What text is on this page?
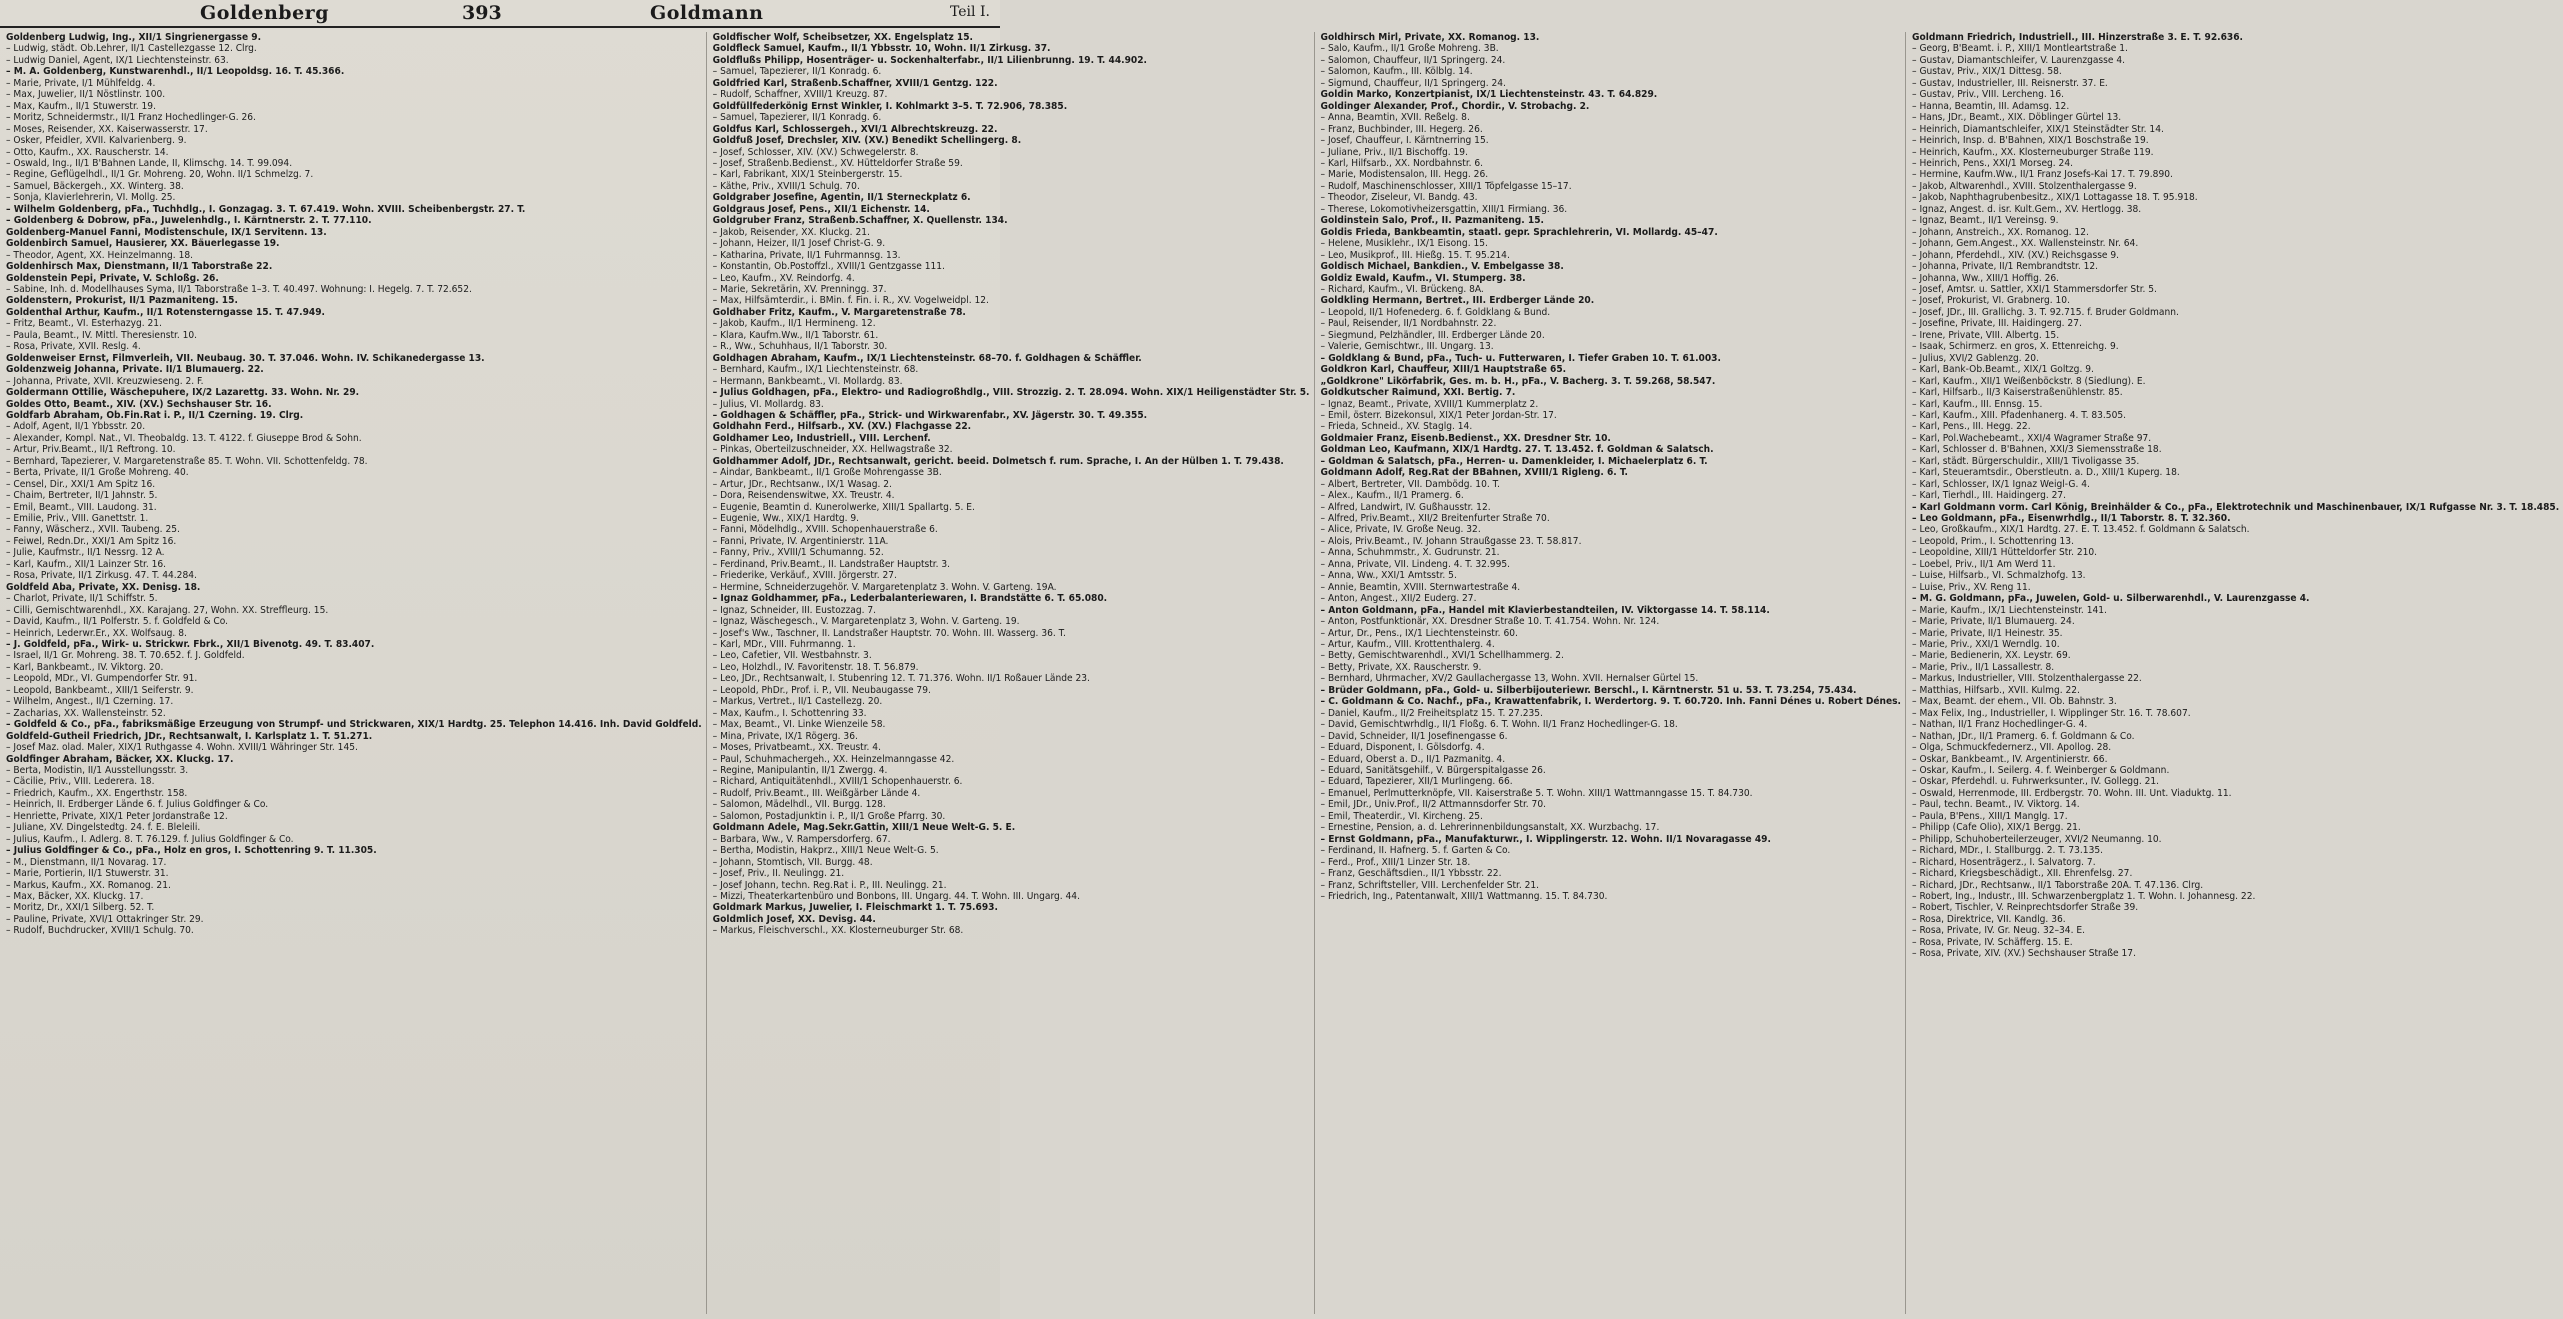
Goldenberg	393	Goldmann	Teil I.
Goldenberg Ludwig, Ing., XII/1 Singrienergasse 9.
– Ludwig, städt. Ob.Lehrer, II/1 Castellezgasse 12. Clrg.
– Ludwig Daniel, Agent, IX/1 Liechtensteinstr. 63.
– M. A. Goldenberg, Kunstwarenhdl., II/1 Leopoldsg. 16. T. 45.366.
– Marie, Private, I/1 Mühlfeldg. 4.
– Max, Juwelier, II/1 Nöstlinstr. 100.
– Max, Kaufm., II/1 Stuwerstr. 19.
– Moritz, Schneidermstr., II/1 Franz Hochedlinger-G. 26.
– Moses, Reisender, XX. Kaiserwasserstr. 17.
– Osker, Pfeidler, XVII. Kalvarienberg. 9.
– Otto, Kaufm., XX. Rauscherstr. 14.
– Oswald, Ing., II/1 B'Bahnen Lande, II, Klimschg. 14. T. 99.094.
– Regine, Geflügelhdl., II/1 Gr. Mohreng. 20, Wohn. II/1 Schmelzg. 7.
– Samuel, Bäckergeh., XX. Winterg. 38.
– Sonja, Klavierlehrerin, VI. Mollg. 25.
– Wilhelm Goldenberg, pFa., Tuchhdlg., I. Gonzagag. 3. T. 67.419. Wohn. XVIII. Scheibenbergstr. 27. T.
– Goldenberg & Dobrow, pFa., Juwelenhdlg., I. Kärntnerstr. 2. T. 77.110.
Goldenberg-Manuel Fanni, Modistenschule, IX/1 Servitenn. 13.
Goldenbirch Samuel, Hausierer, XX. Bäuerlegasse 19.
– Theodor, Agent, XX. Heinzelmanng. 18.
Goldenhirsch Max, Dienstmann, II/1 Taborstraße 22.
Goldenstein Pepi, Private, V. Schloßg. 26.
– Sabine, Inh. d. Modellhauses Syma, II/1 Taborstraße 1–3. T. 40.497. Wohnung: I. Hegelg. 7. T. 72.652.
Goldenstern, Prokurist, II/1 Pazmaniteng. 15.
Goldenthal Arthur, Kaufm., II/1 Rotensterngasse 15. T. 47.949.
– Fritz, Beamt., VI. Esterhazyg. 21.
– Paula, Beamt., IV. Mittl. Theresienstr. 10.
– Rosa, Private, XVII. Reslg. 4.
Goldenweiser Ernst, Filmverleih, VII. Neubaug. 30. T. 37.046. Wohn. IV. Schikanedergasse 13.
Goldenzweig Johanna, Private. II/1 Blumauerg. 22.
– Johanna, Private, XVII. Kreuzwieseng. 2. F.
Goldermann Ottilie, Wäschepuhere, IX/2 Lazarettg. 33. Wohn. Nr. 29.
Goldes Otto, Beamt., XIV. (XV.) Sechshauser Str. 16.
Goldfarb Abraham, Ob.Fin.Rat i. P., II/1 Czerning. 19. Clrg.
– Adolf, Agent, II/1 Ybbsstr. 20.
– Alexander, Kompl. Nat., VI. Theobaldg. 13. T. 4122. f. Giuseppe Brod & Sohn.
– Artur, Priv.Beamt., II/1 Reftrong. 10.
– Bernhard, Tapezierer, V. Margaretenstraße 85. T. Wohn. VII. Schottenfeldg. 78.
– Berta, Private, II/1 Große Mohreng. 40.
– Censel, Dir., XXI/1 Am Spitz 16.
– Chaim, Bertreter, II/1 Jahnstr. 5.
– Emil, Beamt., VIII. Laudong. 31.
– Emilie, Priv., VIII. Ganettstr. 1.
– Fanny, Wäscherz., XVII. Taubeng. 25.
– Feiwel, Redn.Dr., XXI/1 Am Spitz 16.
– Julie, Kaufmstr., II/1 Nessrg. 12 A.
– Karl, Kaufm., XII/1 Lainzer Str. 16.
– Rosa, Private, II/1 Zirkusg. 47. T. 44.284.
Goldfeld Aba, Private, XX. Denisg. 18.
– Charlot, Private, II/1 Schiffstr. 5.
– Cilli, Gemischtwarenhdl., XX. Karajang. 27, Wohn. XX. Streffleurg. 15.
– David, Kaufm., II/1 Polferstr. 5. f. Goldfeld & Co.
– Heinrich, Lederwr.Er., XX. Wolfsaug. 8.
– J. Goldfeld, pFa., Wirk- u. Strickwr. Fbrk., XII/1 Bivenotg. 49. T. 83.407.
– Israel, II/1 Gr. Mohreng. 38. T. 70.652. f. J. Goldfeld.
– Karl, Bankbeamt., IV. Viktorg. 20.
– Leopold, MDr., VI. Gumpendorfer Str. 91.
– Leopold, Bankbeamt., XIII/1 Seiferstr. 9.
– Wilhelm, Angest., II/1 Czerning. 17.
– Zacharias, XX. Wallensteinstr. 52.
– Goldfeld & Co., pFa., fabriksmäßige Erzeugung von Strumpf- und Strickwaren, XIX/1 Hardtg. 25. Telephon 14.416. Inh. David Goldfeld.
Goldfeld-Gutheil Friedrich, JDr., Rechtsanwalt, I. Karlsplatz 1. T. 51.271.
– Josef Maz. olad. Maler, XIX/1 Ruthgasse 4. Wohn. XVIII/1 Währinger Str. 145.
Goldfinger Abraham, Bäcker, XX. Kluckg. 17.
– Berta, Modistin, II/1 Ausstellungsstr. 3.
– Cäcilie, Priv., VIII. Lederera. 18.
– Friedrich, Kaufm., XX. Engerthstr. 158.
– Heinrich, II. Erdberger Lände 6. f. Julius Goldfinger & Co.
– Henriette, Private, XIX/1 Peter Jordanstraße 12.
– Juliane, XV. Dingelstedtg. 24. f. E. Bleleili.
– Julius, Kaufm., I. Adlerg. 8. T. 76.129. f. Julius Goldfinger & Co.
– Julius Goldfinger & Co., pFa., Holz en gros, I. Schottenring 9. T. 11.305.
– M., Dienstmann, II/1 Novarag. 17.
– Marie, Portierin, II/1 Stuwerstr. 31.
– Markus, Kaufm., XX. Romanog. 21.
– Max, Bäcker, XX. Kluckg. 17.
– Moritz, Dr., XXI/1 Silberg. 52. T.
– Pauline, Private, XVI/1 Ottakringer Str. 29.
– Rudolf, Buchdrucker, XVIII/1 Schulg. 70.
Goldfischer Wolf, Scheibsetzer, XX. Engelsplatz 15.
Goldfleck Samuel, Kaufm., II/1 Ybbsstr. 10, Wohn. II/1 Zirkusg. 37.
Goldflußs Philipp, Hosenträger- u. Sockenhalterfabr., II/1 Lilienbrunng. 19. T. 44.902.
– Samuel, Tapezierer, II/1 Konradg. 6.
Goldfried Karl, Straßenb.Schaffner, XVIII/1 Gentzg. 122.
– Rudolf, Schaffner, XVIII/1 Kreuzg. 87.
Goldfüllfederkönig Ernst Winkler, I. Kohlmarkt 3–5. T. 72.906, 78.385.
– Samuel, Tapezierer, II/1 Konradg. 6.
Goldfus Karl, Schlossergeh., XVI/1 Albrechtskreuzg. 22.
Goldfuß Josef, Drechsler, XIV. (XV.) Benedikt Schellingerg. 8.
– Josef, Schlosser, XIV. (XV.) Schwegelerstr. 8.
– Josef, Straßenb.Bedienst., XV. Hütteldorfer Straße 59.
– Karl, Fabrikant, XIX/1 Steinbergerstr. 15.
– Käthe, Priv., XVIII/1 Schulg. 70.
Goldgraber Josefine, Agentin, II/1 Sterneckplatz 6.
Goldgraus Josef, Pens., XII/1 Eichenstr. 14.
Goldgruber Franz, Straßenb.Schaffner, X. Quellenstr. 134.
– Jakob, Reisender, XX. Kluckg. 21.
– Johann, Heizer, II/1 Josef Christ-G. 9.
– Katharina, Private, II/1 Fuhrmannsg. 13.
– Konstantin, Ob.Postoffzl., XVIII/1 Gentzgasse 111.
– Leo, Kaufm., XV. Reindorfg. 4.
– Marie, Sekretärin, XV. Prenningg. 37.
– Max, Hilfsämterdir., i. BMin. f. Fin. i. R., XV. Vogelweidpl. 12.
Goldhaber Fritz, Kaufm., V. Margaretenstraße 78.
– Jakob, Kaufm., II/1 Hermineng. 12.
– Klara, Kaufm.Ww., II/1 Taborstr. 61.
– R., Ww., Schuhhaus, II/1 Taborstr. 30.
Goldhagen Abraham, Kaufm., IX/1 Liechtensteinstr. 68–70. f. Goldhagen & Schäffler.
– Bernhard, Kaufm., IX/1 Liechtensteinstr. 68.
– Hermann, Bankbeamt., VI. Mollardg. 83.
– Julius Goldhagen, pFa., Elektro- und Radiogroßhdlg., VIII. Strozzig. 2. T. 28.094. Wohn. XIX/1 Heiligenstädter Str. 5.
– Julius, VI. Mollardg. 83.
– Goldhagen & Schäffler, pFa., Strick- und Wirkwarenfabr., XV. Jägerstr. 30. T. 49.355.
Goldhahn Ferd., Hilfsarb., XV. (XV.) Flachgasse 22.
Goldhamer Leo, Industriell., VIII. Lerchenf.
– Pinkas, Oberteilzuschneider, XX. Hellwagstraße 32.
Goldhammer Adolf, JDr., Rechtsanwalt, gericht. beeid. Dolmetsch f. rum. Sprache, I. An der Hülben 1. T. 79.438.
– Aindar, Bankbeamt., II/1 Große Mohrengasse 3B.
– Artur, JDr., Rechtsanw., IX/1 Wasag. 2.
– Dora, Reisendenswitwe, XX. Treustr. 4.
– Eugenie, Beamtin d. Kunerolwerke, XIII/1 Spallartg. 5. E.
– Eugenie, Ww., XIX/1 Hardtg. 9.
– Fanni, Mödelhdlg., XVIII. Schopenhauerstraße 6.
– Fanni, Private, IV. Argentinierstr. 11A.
– Fanny, Priv., XVIII/1 Schumanng. 52.
– Ferdinand, Priv.Beamt., II. Landstraßer Hauptstr. 3.
– Friederike, Verkäuf., XVIII. Jörgerstr. 27.
– Hermine, Schneiderzugehör. V. Margaretenplatz 3. Wohn. V. Garteng. 19A.
– Ignaz Goldhammer, pFa., Lederbalanteriewaren, I. Brandstätte 6. T. 65.080.
– Ignaz, Schneider, III. Eustozzag. 7.
– Ignaz, Wäschegesch., V. Margaretenplatz 3, Wohn. V. Garteng. 19.
– Josef's Ww., Taschner, II. Landstraßer Hauptstr. 70. Wohn. III. Wasserg. 36. T.
– Karl, MDr., VIII. Fuhrmanng. 1.
– Leo, Cafetier, VII. Westbahnstr. 3.
– Leo, Holzhdl., IV. Favoritenstr. 18. T. 56.879.
– Leo, JDr., Rechtsanwalt, I. Stubenring 12. T. 71.376. Wohn. II/1 Roßauer Lände 23.
– Leopold, PhDr., Prof. i. P., VII. Neubaugasse 79.
– Markus, Vertret., II/1 Castellezg. 20.
– Max, Kaufm., I. Schottenring 33.
– Max, Beamt., VI. Linke Wienzeile 58.
– Mina, Private, IX/1 Rögerg. 36.
– Moses, Privatbeamt., XX. Treustr. 4.
– Paul, Schuhmachergeh., XX. Heinzelmanngasse 42.
– Regine, Manipulantin, II/1 Zwergg. 4.
– Richard, Antiquitätenhdl., XVIII/1 Schopenhauerstr. 6.
– Rudolf, Priv.Beamt., III. Weißgärber Lände 4.
– Salomon, Mädelhdl., VII. Burgg. 128.
– Salomon, Postadjunktin i. P., II/1 Große Pfarrg. 30.
Goldmann Adele, Mag.Sekr.Gattin, XIII/1 Neue Welt-G. 5. E.
– Barbara, Ww., V. Rampersdorferg. 67.
– Bertha, Modistin, Hakprz., XIII/1 Neue Welt-G. 5.
– Johann, Stomtisch, VII. Burgg. 48.
– Josef, Priv., II. Neulingg. 21.
– Josef Johann, techn. Reg.Rat i. P., III. Neulingg. 21.
– Mizzi, Theaterkartenbüro und Bonbons, III. Ungarg. 44. T. Wohn. III. Ungarg. 44.
Goldmark Markus, Juwelier, I. Fleischmarkt 1. T. 75.693.
Goldmlich Josef, XX. Devisg. 44.
– Markus, Fleischverschl., XX. Klosterneuburger Str. 68.
Goldhirsch Mirl, Private, XX. Romanog. 13.
– Salo, Kaufm., II/1 Große Mohreng. 3B.
– Salomon, Chauffeur, II/1 Springerg. 24.
– Salomon, Kaufm., III. Kölblg. 14.
– Sigmund, Chauffeur, II/1 Springerg. 24.
Goldin Marko, Konzertpianist, IX/1 Liechtensteinstr. 43. T. 64.829.
Goldinger Alexander, Prof., Chordir., V. Strobachg. 2.
– Anna, Beamtin, XVII. Reßelg. 8.
– Franz, Buchbinder, III. Hegerg. 26.
– Josef, Chauffeur, I. Kärntnerring 15.
– Juliane, Priv., II/1 Bischoffg. 19.
– Karl, Hilfsarb., XX. Nordbahnstr. 6.
– Marie, Modistensalon, III. Hegg. 26.
– Rudolf, Maschinenschlosser, XIII/1 Töpfelgasse 15–17.
– Theodor, Ziseleur, VI. Bandg. 43.
– Therese, Lokomotivheizersgattin, XIII/1 Firmiang. 36.
Goldinstein Salo, Prof., II. Pazmaniteng. 15.
Goldis Frieda, Bankbeamtin, staatl. gepr. Sprachlehrerin, VI. Mollardg. 45–47.
– Helene, Musiklehr., IX/1 Eisong. 15.
– Leo, Musikprof., III. Hießg. 15. T. 95.214.
Goldisch Michael, Bankdien., V. Embelgasse 38.
Goldiz Ewald, Kaufm., VI. Stumperg. 38.
– Richard, Kaufm., VI. Brückeng. 8A.
Goldkling Hermann, Bertret., III. Erdberger Lände 20.
– Leopold, II/1 Hofenederg. 6. f. Goldklang & Bund.
– Paul, Reisender, II/1 Nordbahnstr. 22.
– Siegmund, Pelzhändler, III. Erdberger Lände 20.
– Valerie, Gemischtwr., III. Ungarg. 13.
– Goldklang & Bund, pFa., Tuch- u. Futterwaren, I. Tiefer Graben 10. T. 61.003.
Goldkron Karl, Chauffeur, XIII/1 Hauptstraße 65.
„Goldkrone" Likörfabrik, Ges. m. b. H., pFa., V. Bacherg. 3. T. 59.268, 58.547.
Goldkutscher Raimund, XXI. Bertig. 7.
– Ignaz, Beamt., Private, XVIII/1 Kummerplatz 2.
– Emil, österr. Bizekonsul, XIX/1 Peter Jordan-Str. 17.
– Frieda, Schneid., XV. Staglg. 14.
Goldmaier Franz, Eisenb.Bedienst., XX. Dresdner Str. 10.
Goldman Leo, Kaufmann, XIX/1 Hardtg. 27. T. 13.452. f. Goldman & Salatsch.
– Goldman & Salatsch, pFa., Herren- u. Damenkleider, I. Michaelerplatz 6. T.
Goldmann Adolf, Reg.Rat der BBahnen, XVIII/1 Rigleng. 6. T.
– Albert, Bertreter, VII. Dambödg. 10. T.
– Alex., Kaufm., II/1 Pramerg. 6.
– Alfred, Landwirt, IV. Gußhausstr. 12.
– Alfred, Priv.Beamt., XII/2 Breitenfurter Straße 70.
– Alice, Private, IV. Große Neug. 32.
– Alois, Priv.Beamt., IV. Johann Straußgasse 23. T. 58.817.
– Anna, Schuhmmstr., X. Gudrunstr. 21.
– Anna, Private, VII. Lindeng. 4. T. 32.995.
– Anna, Ww., XXI/1 Amtsstr. 5.
– Annie, Beamtin, XVIII. Sternwartestraße 4.
– Anton, Angest., XII/2 Euderg. 27.
– Anton Goldmann, pFa., Handel mit Klavierbestandteilen, IV. Viktorgasse 14. T. 58.114.
– Anton, Postfunktionär, XX. Dresdner Straße 10. T. 41.754. Wohn. Nr. 124.
– Artur, Dr., Pens., IX/1 Liechtensteinstr. 60.
– Artur, Kaufm., VIII. Krottenthalerg. 4.
– Betty, Gemischtwarenhdl., XVI/1 Schellhammerg. 2.
– Betty, Private, XX. Rauscherstr. 9.
– Bernhard, Uhrmacher, XV/2 Gaullachergasse 13, Wohn. XVII. Hernalser Gürtel 15.
– Brüder Goldmann, pFa., Gold- u. Silberbijouteriewr. Berschl., I. Kärntnerstr. 51 u. 53. T. 73.254, 75.434.
– C. Goldmann & Co. Nachf., pFa., Krawattenfabrik, I. Werdertorg. 9. T. 60.720. Inh. Fanni Dénes u. Robert Dénes.
– Daniel, Kaufm., II/2 Freiheitsplatz 15. T. 27.235.
– David, Gemischtwrhdlg., II/1 Floßg. 6. T. Wohn. II/1 Franz Hochedlinger-G. 18.
– David, Schneider, II/1 Josefinengasse 6.
– Eduard, Disponent, I. Gölsdorfg. 4.
– Eduard, Oberst a. D., II/1 Pazmanitg. 4.
– Eduard, Sanitätsgehilf., V. Bürgerspitalgasse 26.
– Eduard, Tapezierer, XII/1 Murlingeng. 66.
– Emanuel, Perlmutterknöpfe, VII. Kaiserstraße 5. T. Wohn. XIII/1 Wattmanngasse 15. T. 84.730.
– Emil, JDr., Univ.Prof., II/2 Attmannsdorfer Str. 70.
– Emil, Theaterdir., VI. Kircheng. 25.
– Ernestine, Pension, a. d. Lehrerinnenbildungsanstalt, XX. Wurzbachg. 17.
– Ernst Goldmann, pFa., Manufakturwr., I. Wipplingerstr. 12. Wohn. II/1 Novaragasse 49.
– Ferdinand, II. Hafnerg. 5. f. Garten & Co.
– Ferd., Prof., XIII/1 Linzer Str. 18.
– Franz, Geschäftsdien., II/1 Ybbsstr. 22.
– Franz, Schriftsteller, VIII. Lerchenfelder Str. 21.
– Friedrich, Ing., Patentanwalt, XIII/1 Wattmanng. 15. T. 84.730.
Goldmann Friedrich, Industriell., III. Hinzerstraße 3. E. T. 92.636.
– Georg, B'Beamt. i. P., XIII/1 Montleartstraße 1.
– Gustav, Diamantschleifer, V. Laurenzgasse 4.
– Gustav, Priv., XIX/1 Dittesg. 58.
– Gustav, Industrieller, III. Reisnerstr. 37. E.
– Gustav, Priv., VIII. Lercheng. 16.
– Hanna, Beamtin, III. Adamsg. 12.
– Hans, JDr., Beamt., XIX. Döblinger Gürtel 13.
– Heinrich, Diamantschleifer, XIX/1 Steinstädter Str. 14.
– Heinrich, Insp. d. B'Bahnen, XIX/1 Boschstraße 19.
– Heinrich, Kaufm., XX. Klosterneuburger Straße 119.
– Heinrich, Pens., XXI/1 Morseg. 24.
– Hermine, Kaufm.Ww., II/1 Franz Josefs-Kai 17. T. 79.890.
– Jakob, Altwarenhdl., XVIII. Stolzenthalergasse 9.
– Jakob, Naphthagrubenbesitz., XIX/1 Lottagasse 18. T. 95.918.
– Ignaz, Angest. d. isr. Kult.Gem., XV. Hertlogg. 38.
– Ignaz, Beamt., II/1 Vereinsg. 9.
– Johann, Anstreich., XX. Romanog. 12.
– Johann, Gem.Angest., XX. Wallensteinstr. Nr. 64.
– Johann, Pferdehdl., XIV. (XV.) Reichsgasse 9.
– Johanna, Private, II/1 Rembrandtstr. 12.
– Johanna, Ww., XIII/1 Hoffig. 26.
– Josef, Amtsr. u. Sattler, XXI/1 Stammersdorfer Str. 5.
– Josef, Prokurist, VI. Grabnerg. 10.
– Josef, JDr., III. Grallichg. 3. T. 92.715. f. Bruder Goldmann.
– Josefine, Private, III. Haidingerg. 27.
– Irene, Private, VIII. Albertg. 15.
– Isaak, Schirmerz. en gros, X. Ettenreichg. 9.
– Julius, XVI/2 Gablenzg. 20.
– Karl, Bank-Ob.Beamt., XIX/1 Goltzg. 9.
– Karl, Kaufm., XII/1 Weißenböckstr. 8 (Siedlung). E.
– Karl, Hilfsarb., II/3 Kaiserstraßenühlenstr. 85.
– Karl, Kaufm., III. Ennsg. 15.
– Karl, Kaufm., XIII. Pfadenhanerg. 4. T. 83.505.
– Karl, Pens., III. Hegg. 22.
– Karl, Pol.Wachebeamt., XXI/4 Wagramer Straße 97.
– Karl, Schlosser d. B'Bahnen, XXI/3 Siemensstraße 18.
– Karl, städt. Bürgerschuldir., XIII/1 Tivoligasse 35.
– Karl, Steueramtsdir., Oberstleutn. a. D., XIII/1 Kuperg. 18.
– Karl, Schlosser, IX/1 Ignaz Weigl-G. 4.
– Karl, Tierhdl., III. Haidingerg. 27.
– Karl Goldmann vorm. Carl König, Breinhälder & Co., pFa., Elektrotechnik und Maschinenbauer, IX/1 Rufgasse Nr. 3. T. 18.485.
– Leo Goldmann, pFa., Eisenwrhdlg., II/1 Taborstr. 8. T. 32.360.
– Leo, Großkaufm., XIX/1 Hardtg. 27. E. T. 13.452. f. Goldmann & Salatsch.
– Leopold, Prim., I. Schottenring 13.
– Leopoldine, XIII/1 Hütteldorfer Str. 210.
– Loebel, Priv., II/1 Am Werd 11.
– Luise, Hilfsarb., VI. Schmalzhofg. 13.
– Luise, Priv., XV. Reng 11.
– M. G. Goldmann, pFa., Juwelen, Gold- u. Silberwarenhdl., V. Laurenzgasse 4.
– Marie, Kaufm., IX/1 Liechtensteinstr. 141.
– Marie, Private, II/1 Blumauerg. 24.
– Marie, Private, II/1 Heinestr. 35.
– Marie, Priv., XXI/1 Werndlg. 10.
– Marie, Bedienerin, XX. Leystr. 69.
– Marie, Priv., II/1 Lassallestr. 8.
– Markus, Industrieller, VIII. Stolzenthalergasse 22.
– Matthias, Hilfsarb., XVII. Kulmg. 22.
– Max, Beamt. der ehem., VII. Ob. Bahnstr. 3.
– Max Felix, Ing., Industrieller, I. Wipplinger Str. 16. T. 78.607.
– Nathan, II/1 Franz Hochedlinger-G. 4.
– Nathan, JDr., II/1 Pramerg. 6. f. Goldmann & Co.
– Olga, Schmuckfedernerz., VII. Apollog. 28.
– Oskar, Bankbeamt., IV. Argentinierstr. 66.
– Oskar, Kaufm., I. Seilerg. 4. f. Weinberger & Goldmann.
– Oskar, Pferdehdl. u. Fuhrwerksunter., IV. Gollegg. 21.
– Oswald, Herrenmode, III. Erdbergstr. 70. Wohn. III. Unt. Viaduktg. 11.
– Paul, techn. Beamt., IV. Viktorg. 14.
– Paula, B'Pens., XIII/1 Manglg. 17.
– Philipp (Cafe Olio), XIX/1 Bergg. 21.
– Philipp, Schuhoberteilerzeuger, XVI/2 Neumanng. 10.
– Richard, MDr., I. Stallburgg. 2. T. 73.135.
– Richard, Hosenträgerz., I. Salvatorg. 7.
– Richard, Kriegsbeschädigt., XII. Ehrenfelsg. 27.
– Richard, JDr., Rechtsanw., II/1 Taborstraße 20A. T. 47.136. Clrg.
– Robert, Ing., Industr., III. Schwarzenbergplatz 1. T. Wohn. I. Johannesg. 22.
– Robert, Tischler, V. Reinprechtsdorfer Straße 39.
– Rosa, Direktrice, VII. Kandlg. 36.
– Rosa, Private, IV. Gr. Neug. 32–34. E.
– Rosa, Private, IV. Schäfferg. 15. E.
– Rosa, Private, XIV. (XV.) Sechshauser Straße 17.
